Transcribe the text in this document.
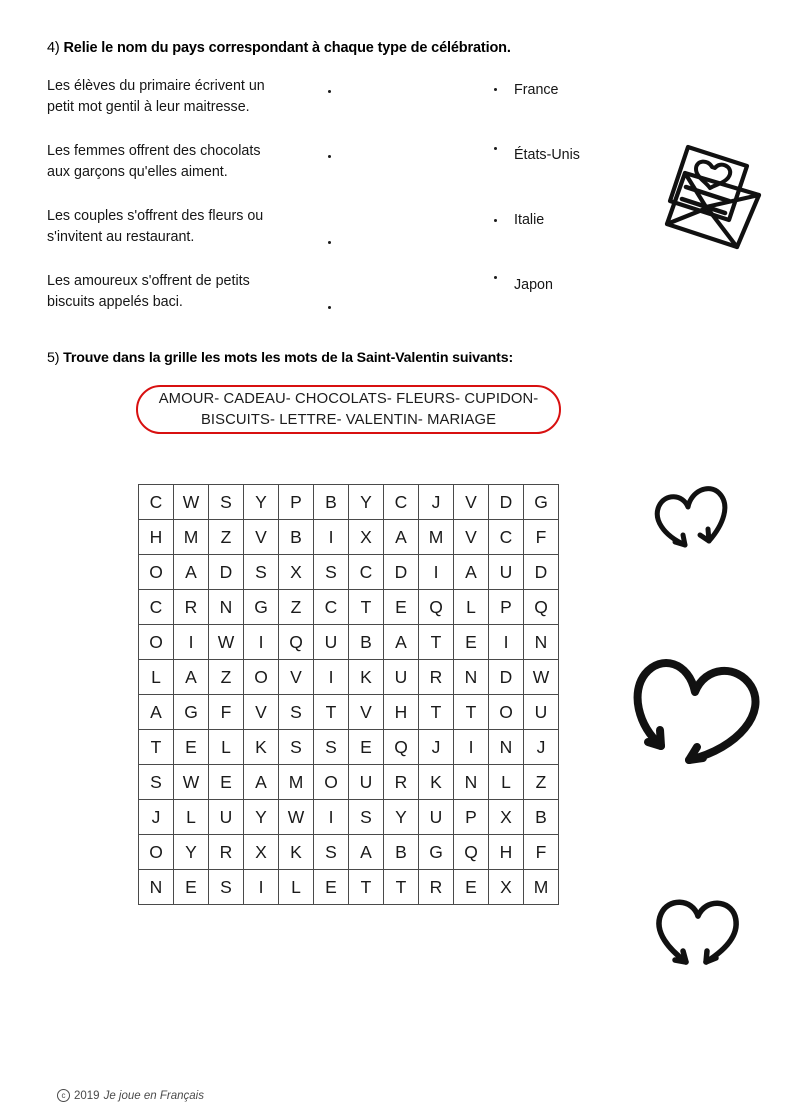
4) Relie le nom du pays correspondant à chaque type de célébration.
Les élèves du primaire écrivent un
petit mot gentil à leur maitresse.
France
Les femmes offrent des chocolats
aux garçons qu'elles aiment.
États-Unis
Les couples s'offrent des fleurs ou
s'invitent au restaurant.
Italie
Les amoureux s'offrent de petits
biscuits appelés baci.
Japon
5) Trouve dans la grille les mots les mots de la Saint-Valentin suivants:
AMOUR- CADEAU- CHOCOLATS- FLEURS- CUPIDON-
BISCUITS- LETTRE- VALENTIN- MARIAGE
C	W	S	Y	P	B	Y	C	J	V	D	G
H	M	Z	V	B	I	X	A	M	V	C	F
O	A	D	S	X	S	C	D	I	A	U	D
C	R	N	G	Z	C	T	E	Q	L	P	Q
O	I	W	I	Q	U	B	A	T	E	I	N
L	A	Z	O	V	I	K	U	R	N	D	W
A	G	F	V	S	T	V	H	T	T	O	U
T	E	L	K	S	S	E	Q	J	I	N	J
S	W	E	A	M	O	U	R	K	N	L	Z
J	L	U	Y	W	I	S	Y	U	P	X	B
O	Y	R	X	K	S	A	B	G	Q	H	F
N	E	S	I	L	E	T	T	R	E	X	M
c 2019 Je joue en Français
